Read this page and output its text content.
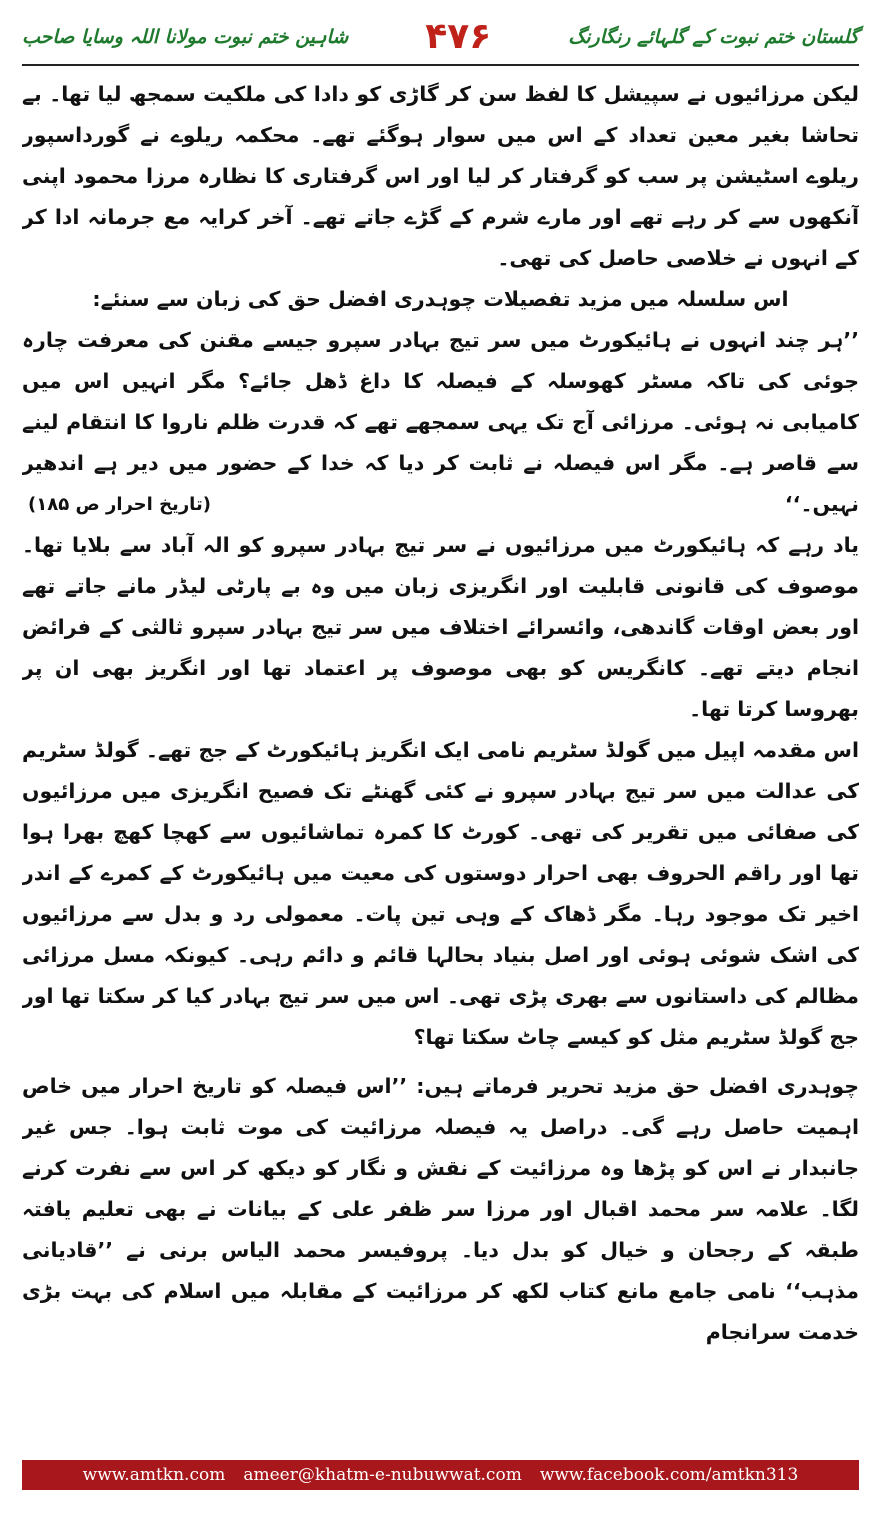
شاہین ختم نبوت مولانا اللہ وسایا صاحب ۴۷۶	گلستان ختم نبوت کے گلہائے رنگارنگ

لیکن مرزائیوں نے سپیشل کا لفظ سن کر گاڑی کو دادا کی ملکیت سمجھ لیا تھا۔ بے تحاشا بغیر معین تعداد کے اس میں سوار ہوگئے تھے۔ محکمہ ریلوے نے گورداسپور ریلوے اسٹیشن پر سب کو گرفتار کر لیا اور اس گرفتاری کا نظارہ مرزا محمود اپنی آنکھوں سے کر رہے تھے اور مارے شرم کے گڑے جاتے تھے۔ آخر کرایہ مع جرمانہ ادا کر کے انہوں نے خلاصی حاصل کی تھی۔

اس سلسلہ میں مزید تفصیلات چوہدری افضل حق کی زبان سے سنئے:

’’ہر چند انہوں نے ہائیکورٹ میں سر تیج بہادر سپرو جیسے مقنن کی معرفت چارہ جوئی کی تاکہ مسٹر کھوسلہ کے فیصلہ کا داغ ڈھل جائے؟ مگر انہیں اس میں کامیابی نہ ہوئی۔ مرزائی آج تک یہی سمجھے تھے کہ قدرت ظلم ناروا کا انتقام لینے سے قاصر ہے۔ مگر اس فیصلہ نے ثابت کر دیا کہ خدا کے حضور میں دیر ہے اندھیر نہیں۔‘‘
(تاریخ احرار ص ۱۸۵)

یاد رہے کہ ہائیکورٹ میں مرزائیوں نے سر تیج بہادر سپرو کو الہ آباد سے بلایا تھا۔ موصوف کی قانونی قابلیت اور انگریزی زبان میں وہ بے پارٹی لیڈر مانے جاتے تھے اور بعض اوقات گاندھی، وائسرائے اختلاف میں سر تیج بہادر سپرو ثالثی کے فرائض انجام دیتے تھے۔ کانگریس کو بھی موصوف پر اعتماد تھا اور انگریز بھی ان پر بھروسا کرتا تھا۔

اس مقدمہ اپیل میں گولڈ سٹریم نامی ایک انگریز ہائیکورٹ کے جج تھے۔ گولڈ سٹریم کی عدالت میں سر تیج بہادر سپرو نے کئی گھنٹے تک فصیح انگریزی میں مرزائیوں کی صفائی میں تقریر کی تھی۔ کورٹ کا کمرہ تماشائیوں سے کھچا کھچ بھرا ہوا تھا اور راقم الحروف بھی احرار دوستوں کی معیت میں ہائیکورٹ کے کمرے کے اندر اخیر تک موجود رہا۔ مگر ڈھاک کے وہی تین پات۔ معمولی رد و بدل سے مرزائیوں کی اشک شوئی ہوئی اور اصل بنیاد بحالہا قائم و دائم رہی۔ کیونکہ مسل مرزائی مظالم کی داستانوں سے بھری پڑی تھی۔ اس میں سر تیج بہادر کیا کر سکتا تھا اور جج گولڈ سٹریم مثل کو کیسے چاٹ سکتا تھا؟

چوہدری افضل حق مزید تحریر فرماتے ہیں: ’’اس فیصلہ کو تاریخ احرار میں خاص اہمیت حاصل رہے گی۔ دراصل یہ فیصلہ مرزائیت کی موت ثابت ہوا۔ جس غیر جانبدار نے اس کو پڑھا وہ مرزائیت کے نقش و نگار کو دیکھ کر اس سے نفرت کرنے لگا۔ علامہ سر محمد اقبال اور مرزا سر ظفر علی کے بیانات نے بھی تعلیم یافتہ طبقہ کے رجحان و خیال کو بدل دیا۔ پروفیسر محمد الیاس برنی نے ’’قادیانی مذہب‘‘ نامی جامع مانع کتاب لکھ کر مرزائیت کے مقابلہ میں اسلام کی بہت بڑی خدمت سرانجام

www.amtkn.com ameer@khatm-e-nubuwwat.com www.facebook.com/amtkn313
